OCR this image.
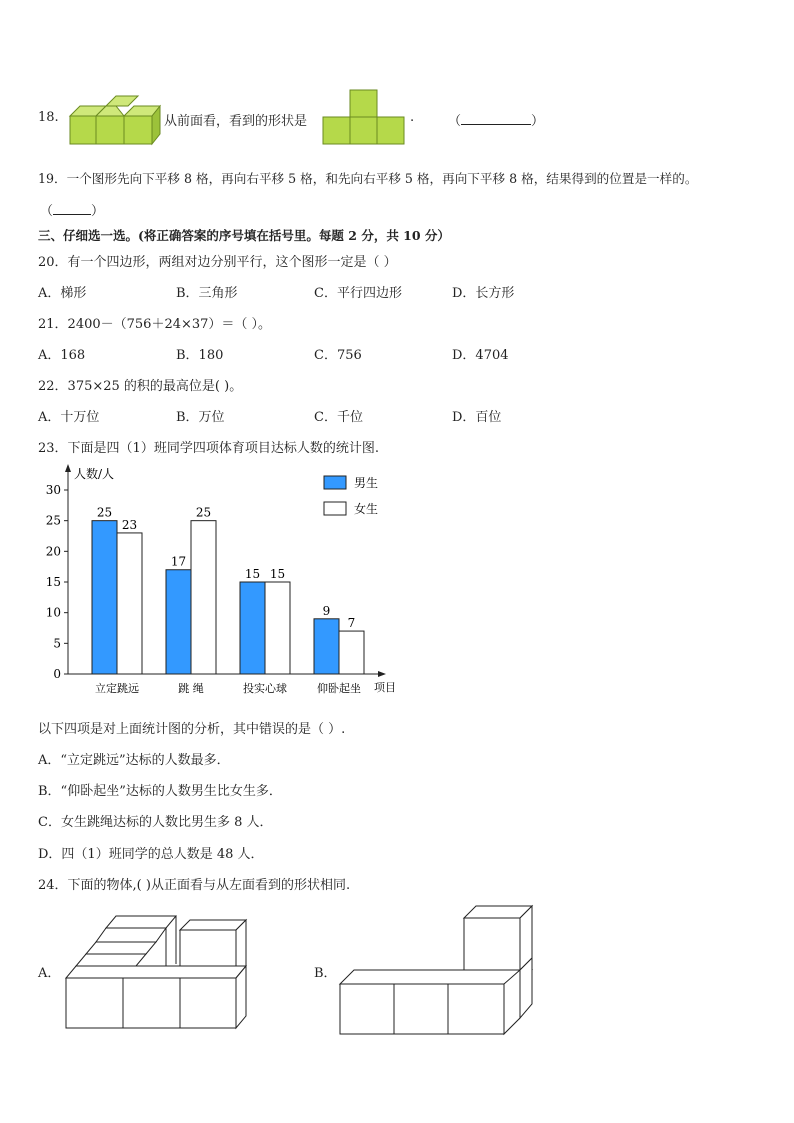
18.	从前面看，看到的形状是	.	（	）
19．一个图形先向下平移 8 格，再向右平移 5 格，和先向右平移 5 格，再向下平移 8 格，结果得到的位置是一样的。
（	）
三、仔细选一选。(将正确答案的序号填在括号里。每题 2 分，共 10 分）
20．有一个四边形，两组对边分别平行，这个图形一定是（ ）
A．梯形	B．三角形	C．平行四边形	D．长方形
21．2400－（756＋24×37）＝（ ）。
A．168	B．180	C．756	D．4704
22．375×25 的积的最高位是( )。
A．十万位	B．万位	C．千位	D．百位
23．下面是四（1）班同学四项体育项目达标人数的统计图.
人数/人
项目
0
5
10
15
20
25
30
25
23
立定跳远
17
25
跳 绳
15 15
投实心球
9
7
仰卧起坐
男生
女生
以下四项是对上面统计图的分析，其中错误的是（ ）.
A．“立定跳远”达标的人数最多．
B．“仰卧起坐”达标的人数男生比女生多．
C．女生跳绳达标的人数比男生多 8 人．
D．四（1）班同学的总人数是 48 人．
24．下面的物体,( )从正面看与从左面看到的形状相同.
A．	B．
